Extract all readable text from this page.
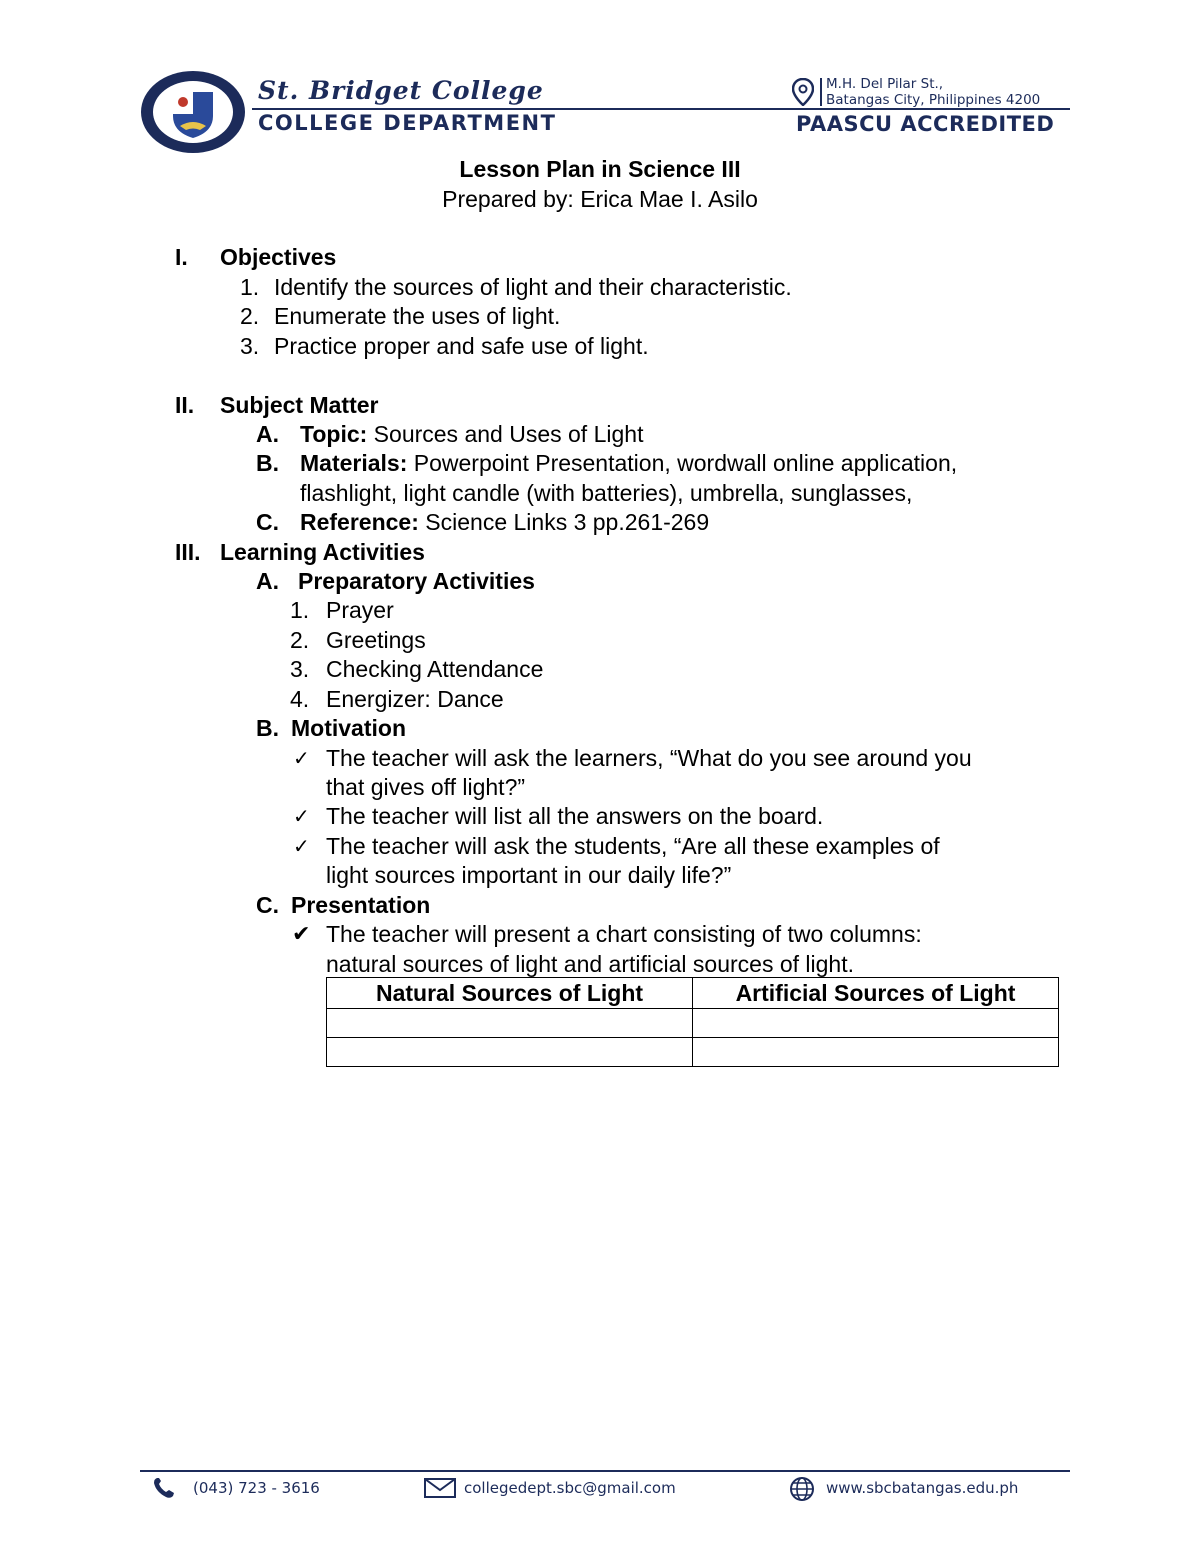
St. Bridget College
COLLEGE DEPARTMENT
M.H. Del Pilar St.,
Batangas City, Philippines 4200
PAASCU ACCREDITED
Lesson Plan in Science III
Prepared by: Erica Mae I. Asilo
I. Objectives
1. Identify the sources of light and their characteristic.
2. Enumerate the uses of light.
3. Practice proper and safe use of light.
II. Subject Matter
A. Topic: Sources and Uses of Light
B. Materials: Powerpoint Presentation, wordwall online application,
flashlight, light candle (with batteries), umbrella, sunglasses,
C. Reference: Science Links 3 pp.261-269
III. Learning Activities
A. Preparatory Activities
1. Prayer
2. Greetings
3. Checking Attendance
4. Energizer: Dance
B. Motivation
✓ The teacher will ask the learners, “What do you see around you
that gives off light?”
✓ The teacher will list all the answers on the board.
✓ The teacher will ask the students, “Are all these examples of
light sources important in our daily life?”
C. Presentation
✔ The teacher will present a chart consisting of two columns:
natural sources of light and artificial sources of light.
Natural Sources of Light	Artificial Sources of Light

(043) 723 - 3616	collegedept.sbc@gmail.com	www.sbcbatangas.edu.ph
